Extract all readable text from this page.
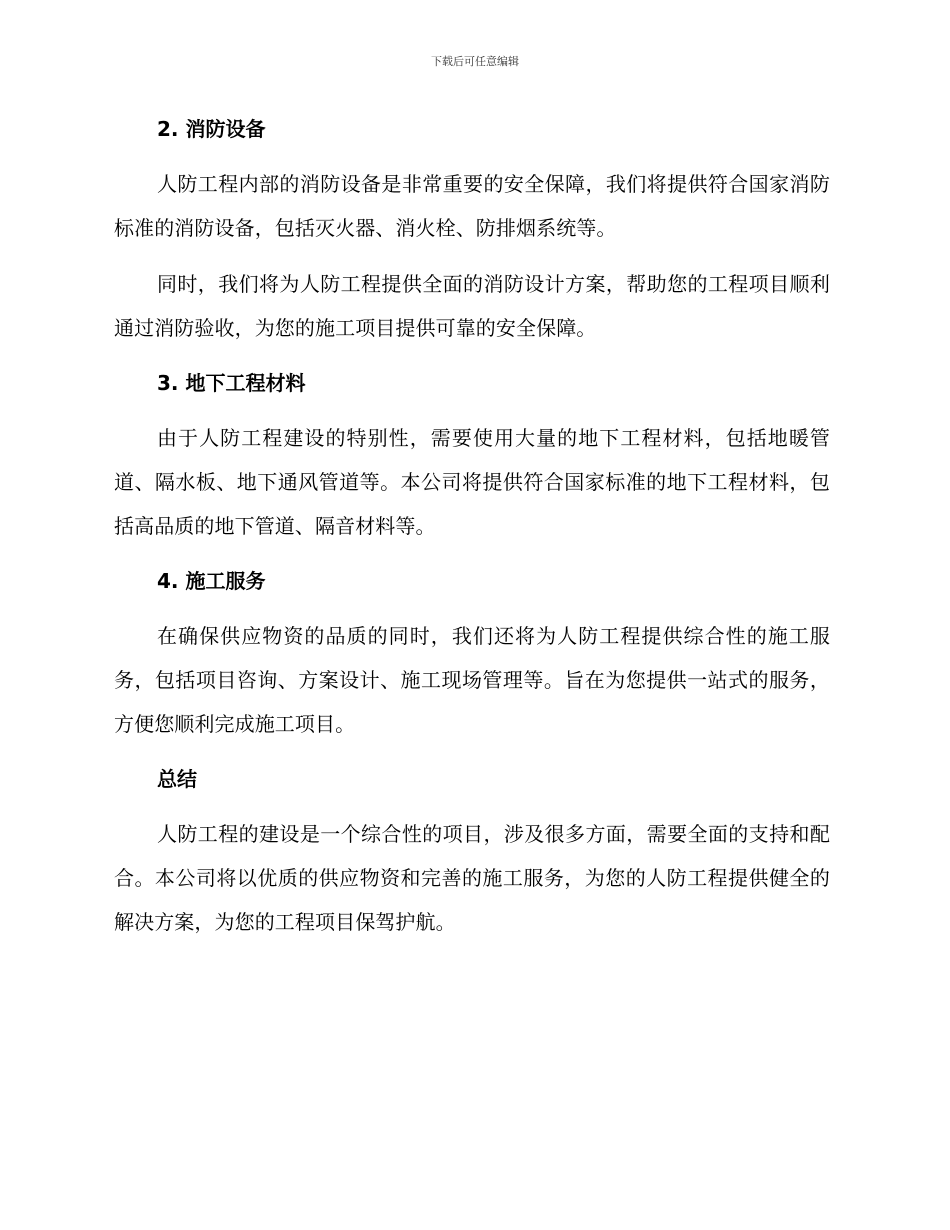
下载后可任意编辑
2. 消防设备

人防工程内部的消防设备是非常重要的安全保障，我们将提供符合国家消防标准的消防设备，包括灭火器、消火栓、防排烟系统等。

同时，我们将为人防工程提供全面的消防设计方案，帮助您的工程项目顺利通过消防验收，为您的施工项目提供可靠的安全保障。

3. 地下工程材料

由于人防工程建设的特别性，需要使用大量的地下工程材料，包括地暖管道、隔水板、地下通风管道等。本公司将提供符合国家标准的地下工程材料，包括高品质的地下管道、隔音材料等。

4. 施工服务

在确保供应物资的品质的同时，我们还将为人防工程提供综合性的施工服务，包括项目咨询、方案设计、施工现场管理等。旨在为您提供一站式的服务，方便您顺利完成施工项目。

总结

人防工程的建设是一个综合性的项目，涉及很多方面，需要全面的支持和配合。本公司将以优质的供应物资和完善的施工服务，为您的人防工程提供健全的解决方案，为您的工程项目保驾护航。
